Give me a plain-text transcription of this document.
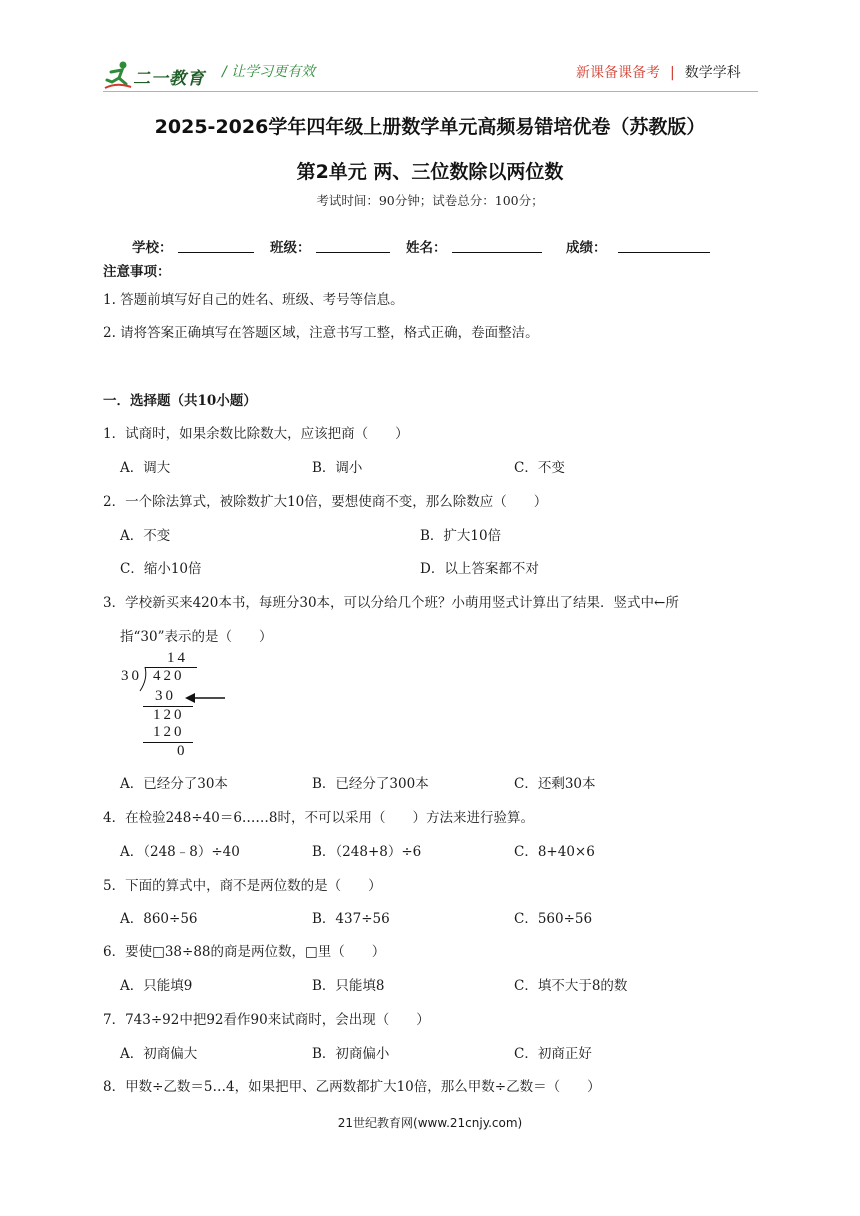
二一教育 / 让学习更有效	新课备课备考 | 数学学科
2025-2026学年四年级上册数学单元高频易错培优卷（苏教版）
第2单元 两、三位数除以两位数
考试时间：90分钟；试卷总分：100分；
学校：	班级：	姓名：	成绩：
注意事项：
1. 答题前填写好自己的姓名、班级、考号等信息。
2. 请将答案正确填写在答题区域，注意书写工整，格式正确，卷面整洁。
一．选择题（共10小题）
1．试商时，如果余数比除数大，应该把商（　　）
A．调大	B．调小	C．不变
2．一个除法算式，被除数扩大10倍，要想使商不变，那么除数应（　　）
A．不变	B．扩大10倍
C．缩小10倍	D．以上答案都不对
3．学校新买来420本书，每班分30本，可以分给几个班？小萌用竖式计算出了结果．竖式中←所
指“30”表示的是（　　）
14
30 420
30
120
120
0
A．已经分了30本	B．已经分了300本	C．还剩30本
4．在检验248÷40＝6……8时，不可以采用（　　）方法来进行验算。
A．（248﹣8）÷40	B．（248+8）÷6	C．8+40×6
5．下面的算式中，商不是两位数的是（　　）
A．860÷56	B．437÷56	C．560÷56
6．要使□38÷88的商是两位数，□里（　　）
A．只能填9	B．只能填8	C．填不大于8的数
7．743÷92中把92看作90来试商时，会出现（　　）
A．初商偏大	B．初商偏小	C．初商正好
8．甲数÷乙数＝5…4，如果把甲、乙两数都扩大10倍，那么甲数÷乙数＝（　　）
21世纪教育网(www.21cnjy.com)
